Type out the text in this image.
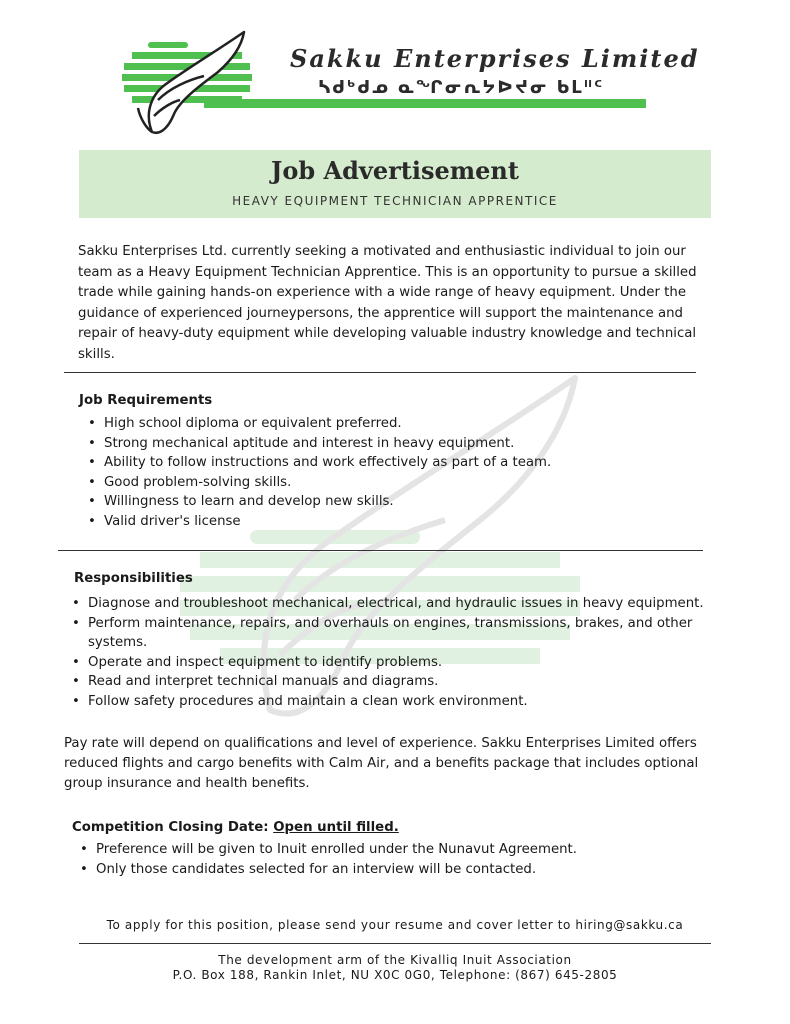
Sakku Enterprises Limited
ᓴᑯᒃᑯᓄ ᓇᖏᓂᕆᔭᐅᔪᓂ ᑲᒪᐦᑦ
Job Advertisement
HEAVY EQUIPMENT TECHNICIAN APPRENTICE
Sakku Enterprises Ltd. currently seeking a motivated and enthusiastic individual to join our team as a Heavy Equipment Technician Apprentice. This is an opportunity to pursue a skilled trade while gaining hands-on experience with a wide range of heavy equipment. Under the guidance of experienced journeypersons, the apprentice will support the maintenance and repair of heavy-duty equipment while developing valuable industry knowledge and technical skills.
Job Requirements
• High school diploma or equivalent preferred.
• Strong mechanical aptitude and interest in heavy equipment.
• Ability to follow instructions and work effectively as part of a team.
• Good problem-solving skills.
• Willingness to learn and develop new skills.
• Valid driver's license
Responsibilities
• Diagnose and troubleshoot mechanical, electrical, and hydraulic issues in heavy equipment.
• Perform maintenance, repairs, and overhauls on engines, transmissions, brakes, and other systems.
• Operate and inspect equipment to identify problems.
• Read and interpret technical manuals and diagrams.
• Follow safety procedures and maintain a clean work environment.
Pay rate will depend on qualifications and level of experience. Sakku Enterprises Limited offers reduced flights and cargo benefits with Calm Air, and a benefits package that includes optional group insurance and health benefits.
Competition Closing Date: Open until filled.
• Preference will be given to Inuit enrolled under the Nunavut Agreement.
• Only those candidates selected for an interview will be contacted.
To apply for this position, please send your resume and cover letter to hiring@sakku.ca
The development arm of the Kivalliq Inuit Association
P.O. Box 188, Rankin Inlet, NU X0C 0G0, Telephone: (867) 645-2805
